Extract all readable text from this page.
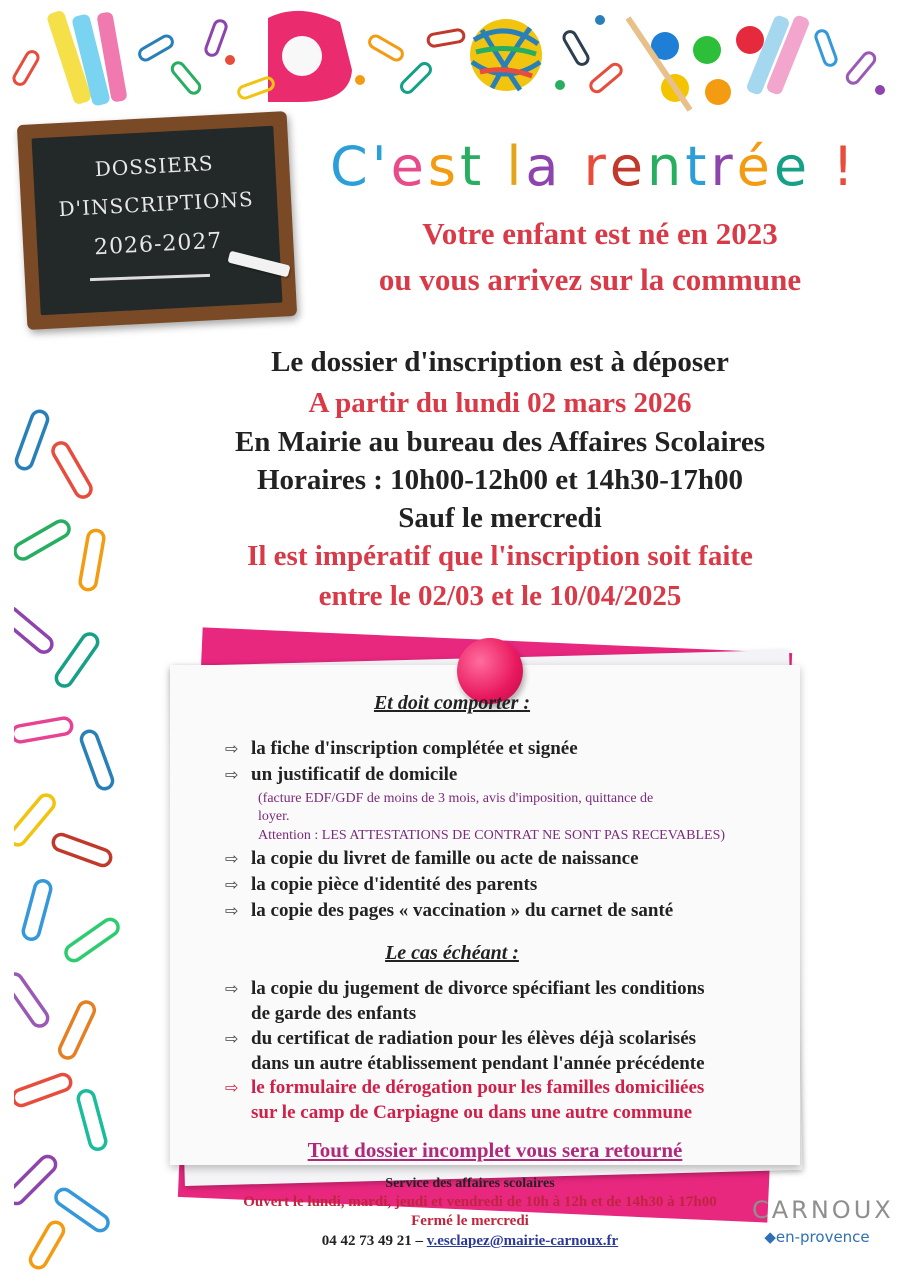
DOSSIERS
D'INSCRIPTIONS
2026-2027
C'est la rentrée !
Votre enfant est né en 2023
ou vous arrivez sur la commune
Le dossier d'inscription est à déposer
A partir du lundi 02 mars 2026
En Mairie au bureau des Affaires Scolaires
Horaires : 10h00-12h00 et 14h30-17h00
Sauf le mercredi
Il est impératif que l'inscription soit faite
entre le 02/03 et le 10/04/2025
Et doit comporter :
⇨ la fiche d'inscription complétée et signée
⇨ un justificatif de domicile
(facture EDF/GDF de moins de 3 mois, avis d'imposition, quittance de
loyer.
Attention : LES ATTESTATIONS DE CONTRAT NE SONT PAS RECEVABLES)
⇨ la copie du livret de famille ou acte de naissance
⇨ la copie pièce d'identité des parents
⇨ la copie des pages « vaccination » du carnet de santé
Le cas échéant :
⇨ la copie du jugement de divorce spécifiant les conditions
de garde des enfants
⇨ du certificat de radiation pour les élèves déjà scolarisés
dans un autre établissement pendant l'année précédente
⇨ le formulaire de dérogation pour les familles domiciliées
sur le camp de Carpiagne ou dans une autre commune
Tout dossier incomplet vous sera retourné
Service des affaires scolaires
Ouvert le lundi, mardi, jeudi et vendredi de 10h à 12h et de 14h30 à 17h00
Fermé le mercredi
04 42 73 49 21 – v.esclapez@mairie-carnoux.fr
CARNOUX
◆en-provence
